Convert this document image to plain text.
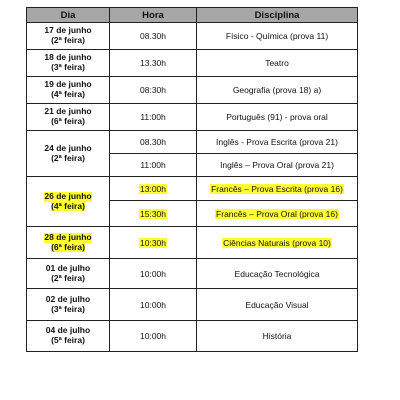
Dia	Hora	Disciplina

17 de junho
(2ª feira)	08.30h	Físico - Química (prova 11)

18 de junho
(3ª feira)	13.30h	Teatro

19 de junho
(4ª feira)	08:30h	Geografia (prova 18) a)

21 de junho
(6ª feira)	11:00h	Português (91) - prova oral

24 de junho
(2ª feira)	08.30h	Inglês - Prova Escrita (prova 21)
	11:00h	Inglês – Prova Oral (prova 21)

26 de junho
(4ª feira)	13:00h	Francês – Prova Escrita (prova 16)
	15:30h	Francês – Prova Oral (prova 16)

28 de junho
(6ª feira)	10:30h	Ciências Naturais (prova 10)

01 de julho
(2ª feira)	10:00h	Educação Tecnológica

02 de julho
(3ª feira)	10:00h	Educação Visual

04 de julho
(5ª feira)	10:00h	História
